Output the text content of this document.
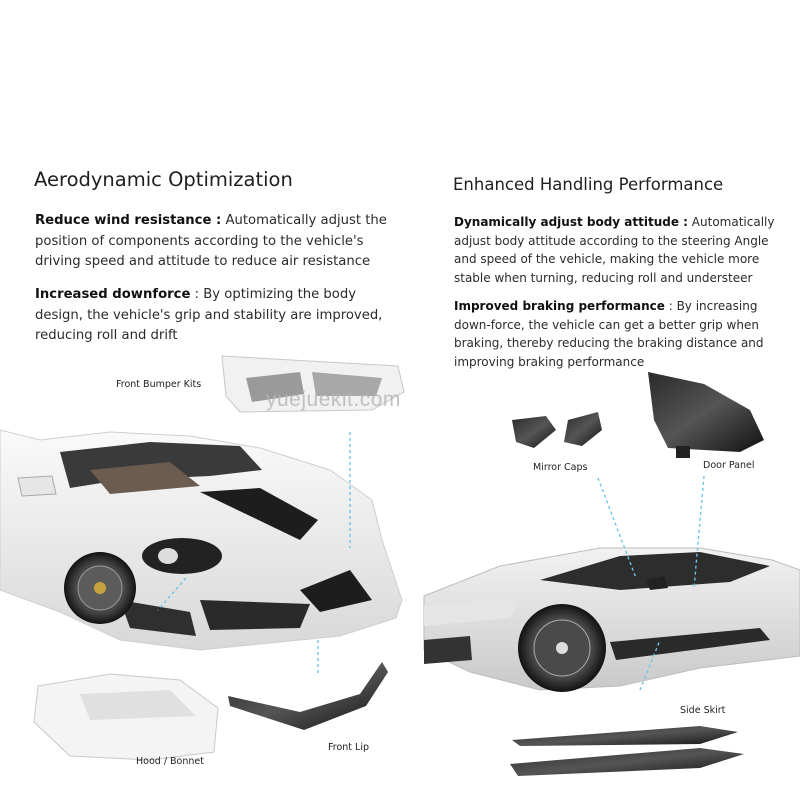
Aerodynamic Optimization	Enhanced Handling Performance
Reduce wind resistance : Automatically adjust the position of components according to the vehicle's driving speed and attitude to reduce air resistance
Increased downforce : By optimizing the body design, the vehicle's grip and stability are improved, reducing roll and drift
Dynamically adjust body attitude : Automatically adjust body attitude according to the steering Angle and speed of the vehicle, making the vehicle more stable when turning, reducing roll and understeer
Improved braking performance : By increasing down-force, the vehicle can get a better grip when braking, thereby reducing the braking distance and improving braking performance
Front Bumper Kits
Mirror Caps	Door Panel
Side Skirt
Hood / Bonnet
Front Lip
yuejuekit.com
